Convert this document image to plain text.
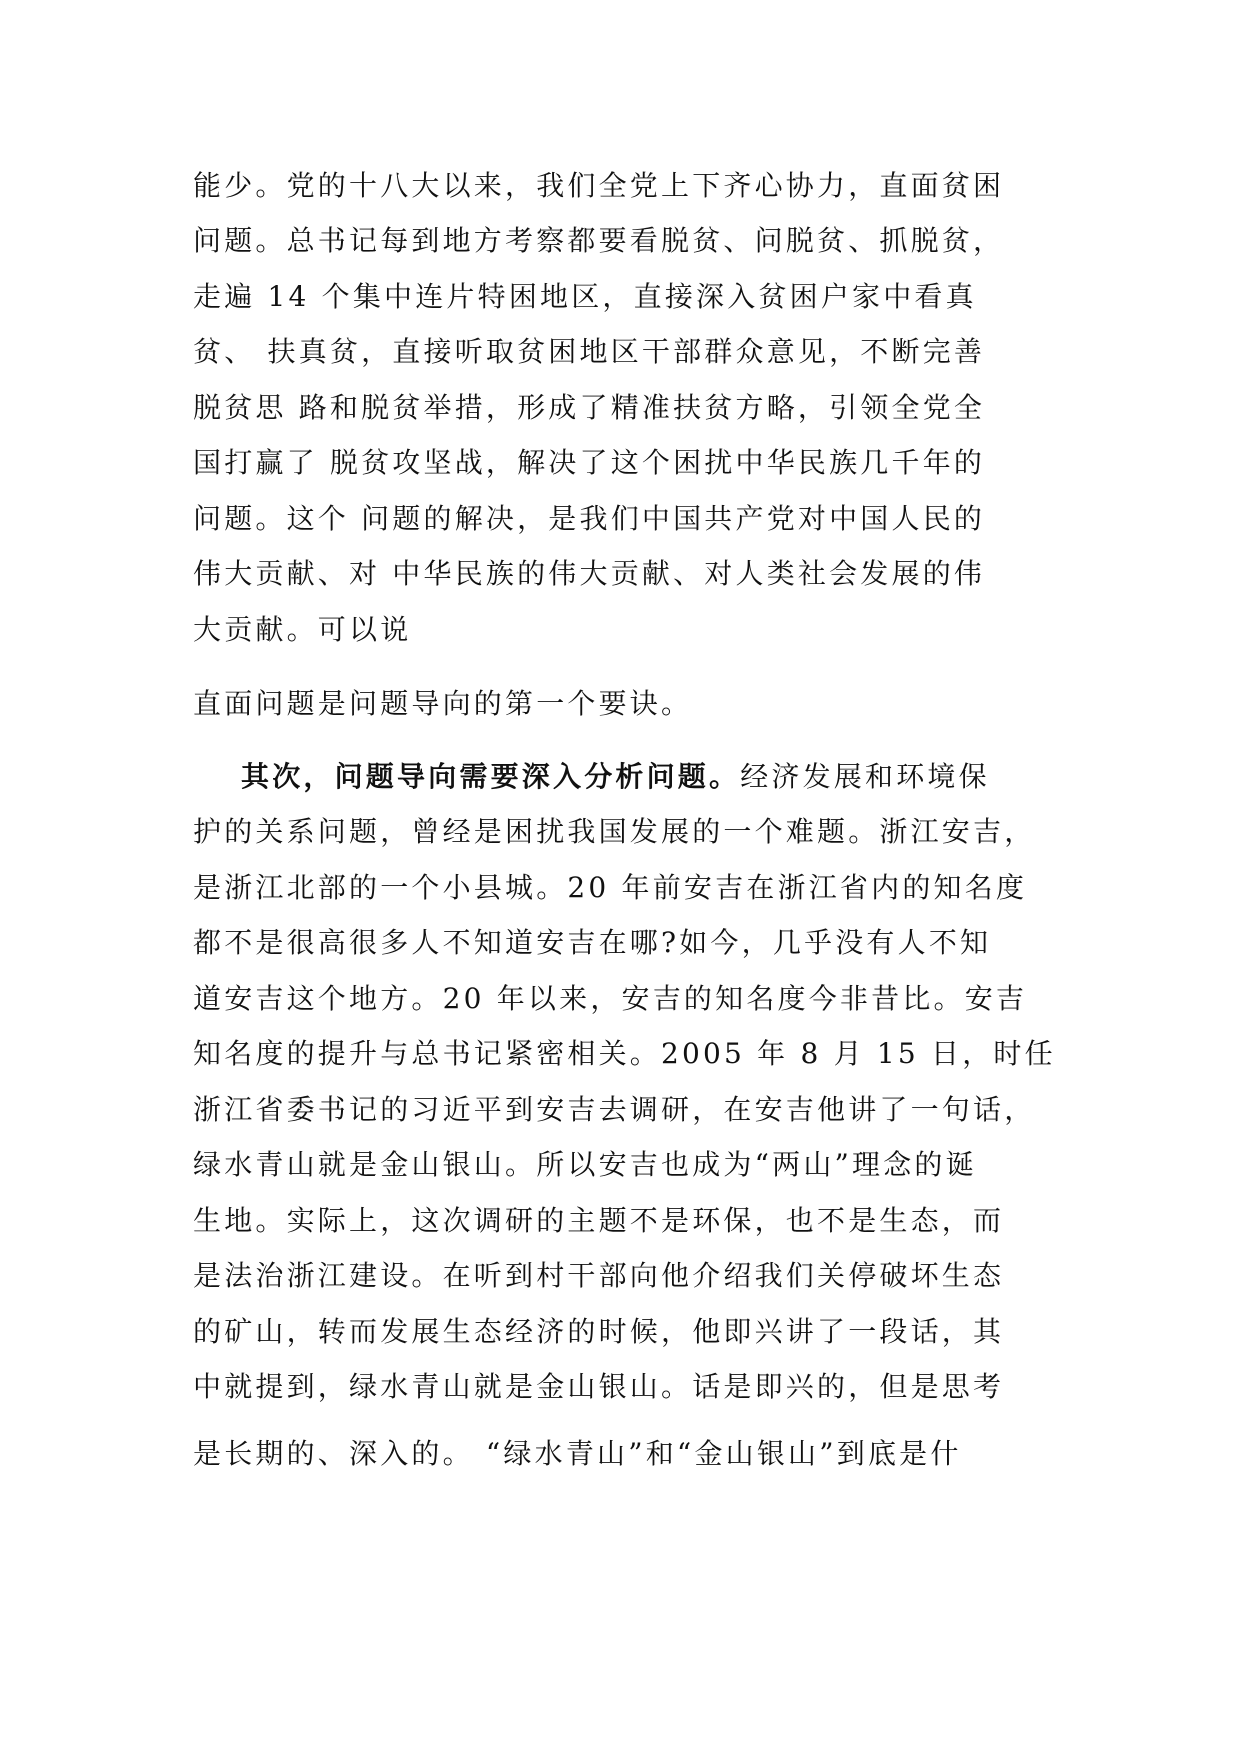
能少。党的十八大以来，我们全党上下齐心协力，直面贫困
问题。总书记每到地方考察都要看脱贫、问脱贫、抓脱贫，
走遍 14 个集中连片特困地区，直接深入贫困户家中看真
贫、 扶真贫，直接听取贫困地区干部群众意见，不断完善
脱贫思 路和脱贫举措，形成了精准扶贫方略，引领全党全
国打赢了 脱贫攻坚战，解决了这个困扰中华民族几千年的
问题。这个 问题的解决，是我们中国共产党对中国人民的
伟大贡献、对 中华民族的伟大贡献、对人类社会发展的伟
大贡献。可以说
直面问题是问题导向的第一个要诀。
其次，问题导向需要深入分析问题。经济发展和环境保
护的关系问题，曾经是困扰我国发展的一个难题。浙江安吉，
是浙江北部的一个小县城。20 年前安吉在浙江省内的知名度
都不是很高很多人不知道安吉在哪?如今，几乎没有人不知
道安吉这个地方。20 年以来，安吉的知名度今非昔比。安吉
知名度的提升与总书记紧密相关。2005 年 8 月 15 日，时任
浙江省委书记的习近平到安吉去调研，在安吉他讲了一句话，
绿水青山就是金山银山。所以安吉也成为“两山”理念的诞
生地。实际上，这次调研的主题不是环保，也不是生态，而
是法治浙江建设。在听到村干部向他介绍我们关停破坏生态
的矿山，转而发展生态经济的时候，他即兴讲了一段话，其
中就提到，绿水青山就是金山银山。话是即兴的，但是思考
是长期的、深入的。 “绿水青山”和“金山银山”到底是什
